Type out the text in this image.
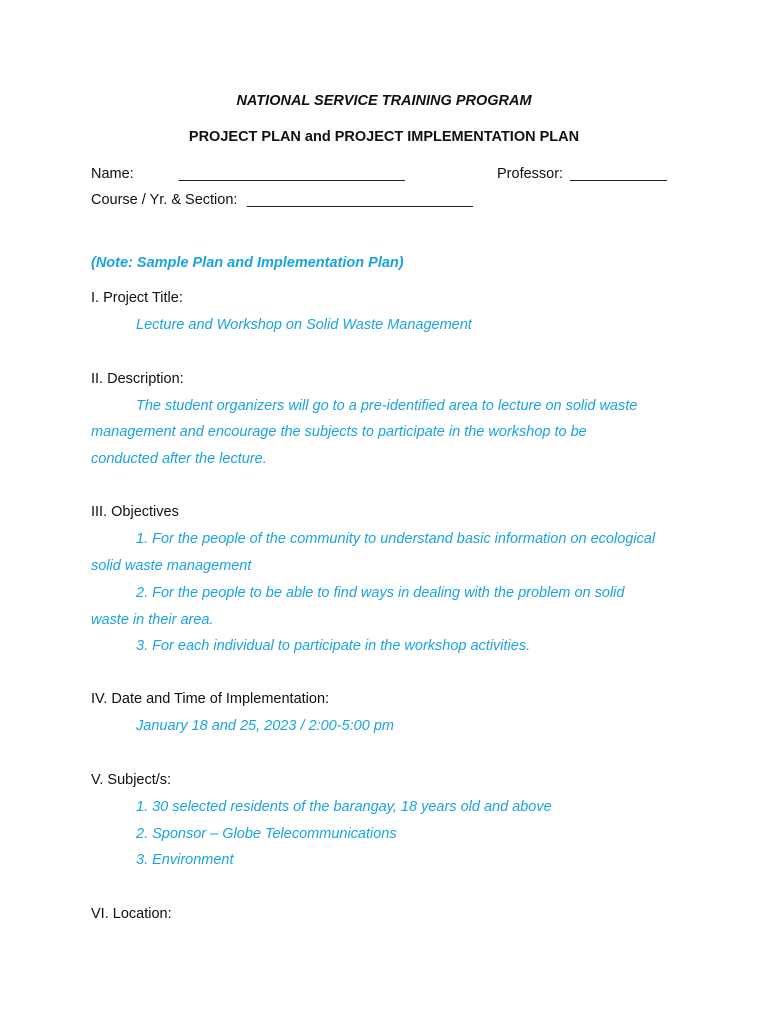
NATIONAL SERVICE TRAINING PROGRAM
PROJECT PLAN and PROJECT IMPLEMENTATION PLAN
Name:	____________________________	Professor: ____________
Course / Yr. & Section: ____________________________
(Note: Sample Plan and Implementation Plan)
I. Project Title:
Lecture and Workshop on Solid Waste Management
II. Description:
The student organizers will go to a pre-identified area to lecture on solid waste
management and encourage the subjects to participate in the workshop to be
conducted after the lecture.
III. Objectives
1. For the people of the community to understand basic information on ecological
solid waste management
2. For the people to be able to find ways in dealing with the problem on solid
waste in their area.
3. For each individual to participate in the workshop activities.
IV. Date and Time of Implementation:
January 18 and 25, 2023 / 2:00-5:00 pm
V. Subject/s:
1. 30 selected residents of the barangay, 18 years old and above
2. Sponsor – Globe Telecommunications
3. Environment
VI. Location:
